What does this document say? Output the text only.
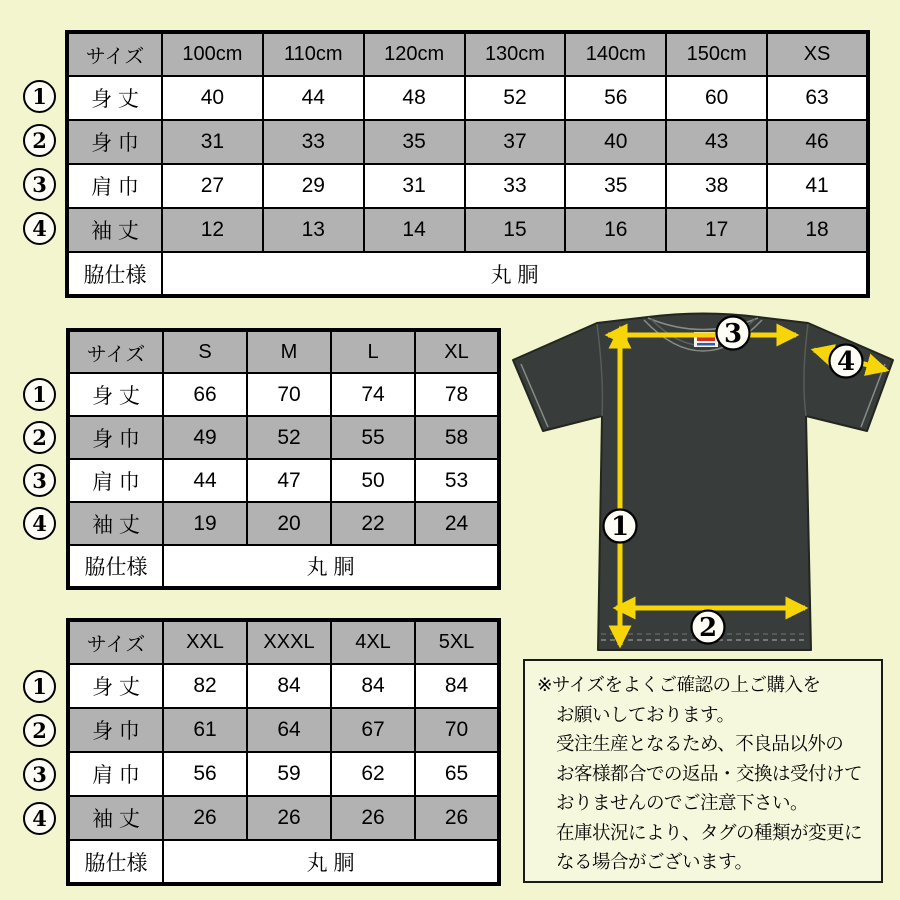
サイズ	100cm	110cm	120cm	130cm	140cm	150cm	XS
身 丈	40	44	48	52	56	60	63
身 巾	31	33	35	37	40	43	46
肩 巾	27	29	31	33	35	38	41
袖 丈	12	13	14	15	16	17	18
脇仕様	丸 胴						
1
2
3
4
サイズ	S	M	L	XL
身 丈	66	70	74	78
身 巾	49	52	55	58
肩 巾	44	47	50	53
袖 丈	19	20	22	24
脇仕様	丸 胴			
1
2
3
4
サイズ	XXL	XXXL	4XL	5XL
身 丈	82	84	84	84
身 巾	61	64	67	70
肩 巾	56	59	62	65
袖 丈	26	26	26	26
脇仕様	丸 胴			
1
2
3
4
3
4
1
2
※サイズをよくご確認の上ご購入を
お願いしております。
受注生産となるため、不良品以外の
お客様都合での返品・交換は受付けて
おりませんのでご注意下さい。
在庫状況により、タグの種類が変更に
なる場合がございます。
